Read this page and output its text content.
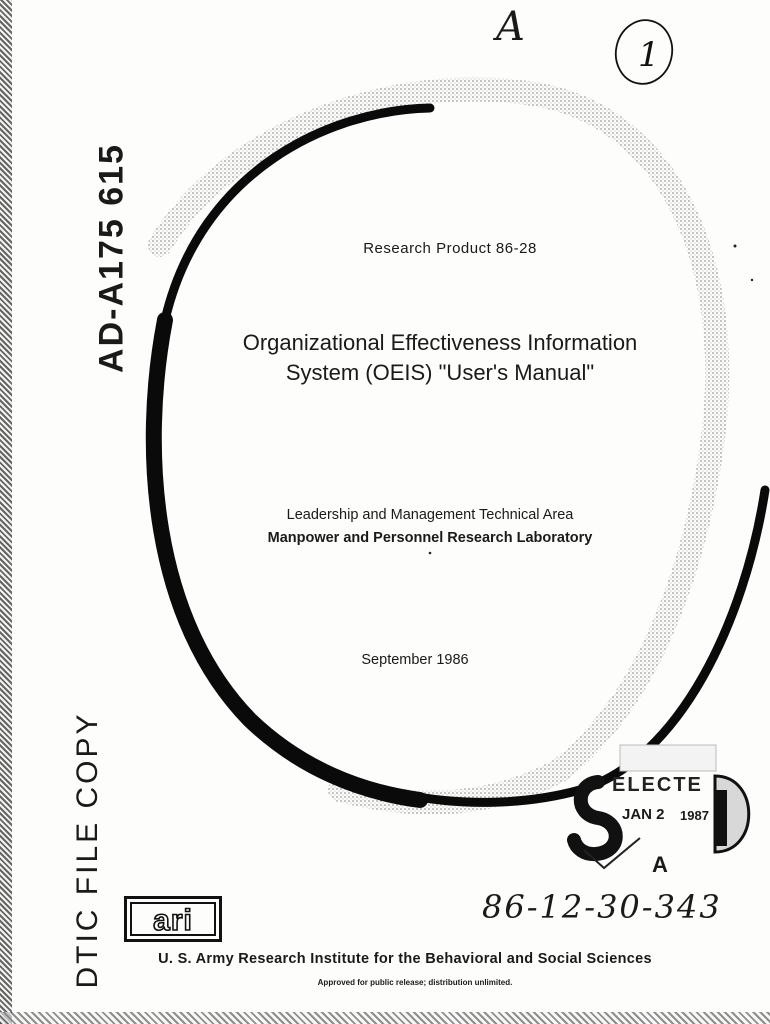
A
1
AD-A175 615	Research Product 86-28
Organizational Effectiveness Information
System (OEIS) "User's Manual"
Leadership and Management Technical Area
Manpower and Personnel Research Laboratory
September 1986
ELECTE
JAN 2 1987
A
DTIC FILE COPY ari	86-12-30-343
U. S. Army Research Institute for the Behavioral and Social Sciences
Approved for public release; distribution unlimited.
